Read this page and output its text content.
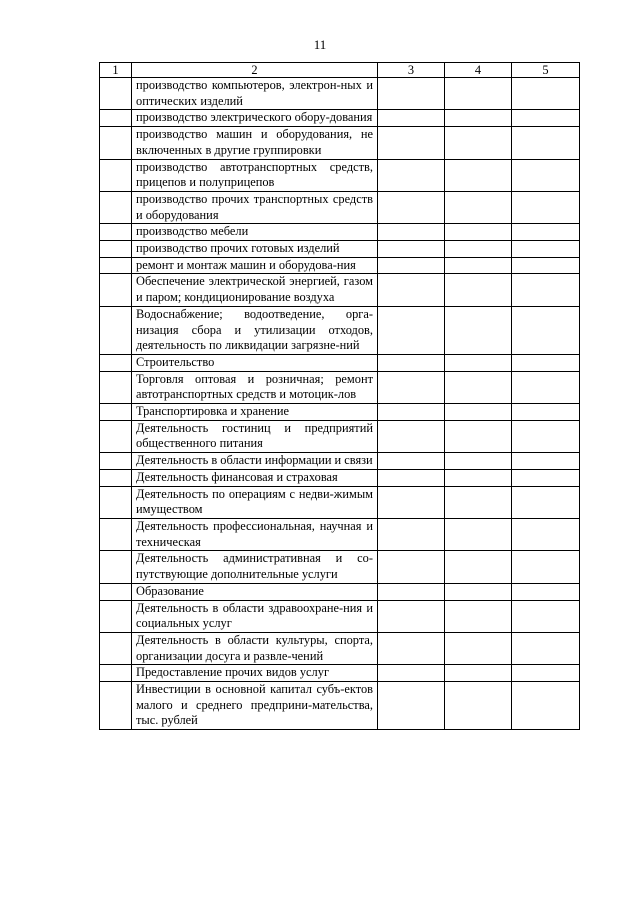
11
1	2	3	4	5
	производство компьютеров, электрон-ных и оптических изделий			
	производство электрического обору-дования			
	производство машин и оборудования, не включенных в другие группировки			
	производство автотранспортных средств, прицепов и полуприцепов			
	производство прочих транспортных средств и оборудования			
	производство мебели			
	производство прочих готовых изделий			
	ремонт и монтаж машин и оборудова-ния			
	Обеспечение электрической энергией, газом и паром; кондиционирование воздуха			
	Водоснабжение; водоотведение, орга-низация сбора и утилизации отходов, деятельность по ликвидации загрязне-ний			
	Строительство			
	Торговля оптовая и розничная; ремонт автотранспортных средств и мотоцик-лов			
	Транспортировка и хранение			
	Деятельность гостиниц и предприятий общественного питания			
	Деятельность в области информации и связи			
	Деятельность финансовая и страховая			
	Деятельность по операциям с недви-жимым имуществом			
	Деятельность профессиональная, научная и техническая			
	Деятельность административная и со-путствующие дополнительные услуги			
	Образование			
	Деятельность в области здравоохране-ния и социальных услуг			
	Деятельность в области культуры, спорта, организации досуга и развле-чений			
	Предоставление прочих видов услуг			
	Инвестиции в основной капитал субъ-ектов малого и среднего предприни-мательства, тыс. рублей			
